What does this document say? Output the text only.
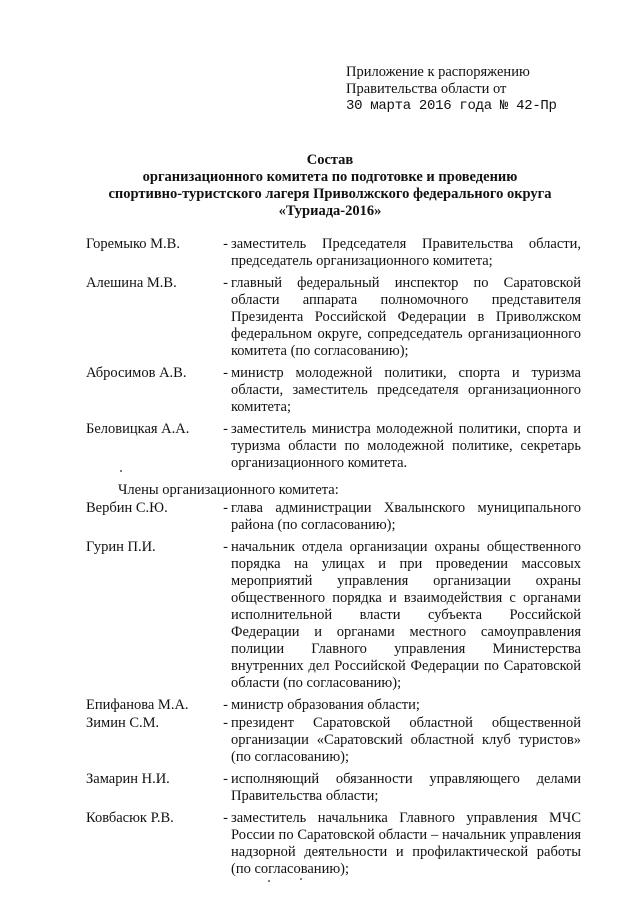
Приложение к распоряжению
Правительства области от
30 марта 2016 года № 42-Пр
Состав
организационного комитета по подготовке и проведению
спортивно-туристского лагеря Приволжского федерального округа
«Туриада-2016»
Горемыко М.В.	- заместитель Председателя Правительства области, председатель организационного комитета;
Алешина М.В.	- главный федеральный инспектор по Саратовской области аппарата полномочного представителя Президента Российской Федерации в Приволжском федеральном округе, сопредседатель организационного комитета (по согласованию);
Абросимов А.В.	- министр молодежной политики, спорта и туризма области, заместитель председателя организационного комитета;
Беловицкая А.А.	- заместитель министра молодежной политики, спорта и туризма области по молодежной политике, секретарь организационного комитета.
Члены организационного комитета:
Вербин С.Ю.	- глава администрации Хвалынского муниципального района (по согласованию);
Гурин П.И.	- начальник отдела организации охраны общественного порядка на улицах и при проведении массовых мероприятий управления организации охраны общественного порядка и взаимодействия с органами исполнительной власти субъекта Российской Федерации и органами местного самоуправления полиции Главного управления Министерства внутренних дел Российской Федерации по Саратовской области (по согласованию);
Епифанова М.А.	- министр образования области;
Зимин С.М.	- президент Саратовской областной общественной организации «Саратовский областной клуб туристов» (по согласованию);
Замарин Н.И.	- исполняющий обязанности управляющего делами Правительства области;
Ковбасюк Р.В.	- заместитель начальника Главного управления МЧС России по Саратовской области – начальник управления надзорной деятельности и профилактической работы (по согласованию);
